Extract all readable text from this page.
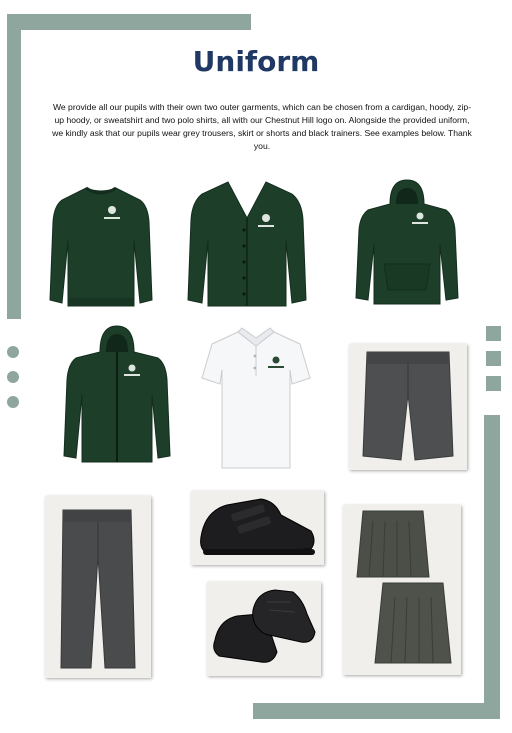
Uniform

We provide all our pupils with their own two outer garments, which can be chosen from a cardigan, hoody, zip-up hoody, or sweatshirt and two polo shirts, all with our Chestnut Hill logo on. Alongside the provided uniform, we kindly ask that our pupils wear grey trousers, skirt or shorts and black trainers. See examples below. Thank you.
